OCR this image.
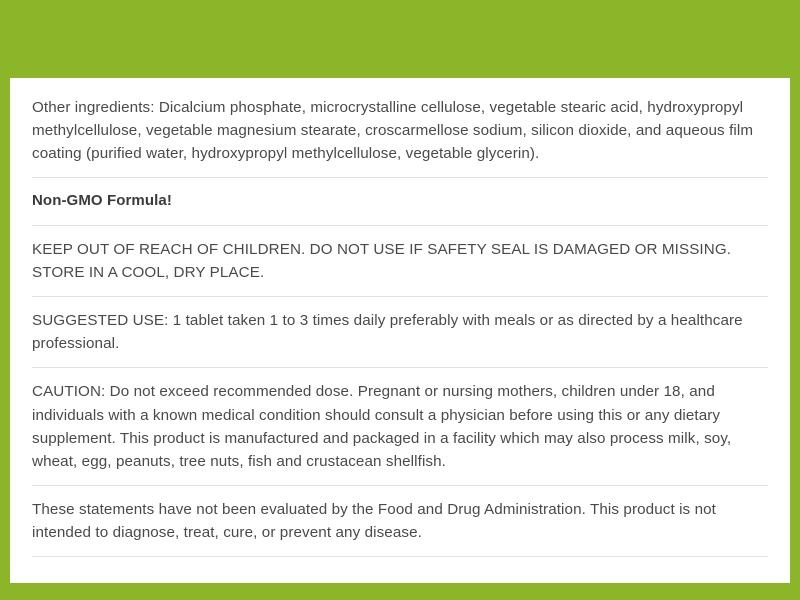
Other ingredients: Dicalcium phosphate, microcrystalline cellulose, vegetable stearic acid, hydroxypropyl methylcellulose, vegetable magnesium stearate, croscarmellose sodium, silicon dioxide, and aqueous film coating (purified water, hydroxypropyl methylcellulose, vegetable glycerin).

Non-GMO Formula!

KEEP OUT OF REACH OF CHILDREN. DO NOT USE IF SAFETY SEAL IS DAMAGED OR MISSING. STORE IN A COOL, DRY PLACE.

SUGGESTED USE: 1 tablet taken 1 to 3 times daily preferably with meals or as directed by a healthcare professional.

CAUTION: Do not exceed recommended dose. Pregnant or nursing mothers, children under 18, and individuals with a known medical condition should consult a physician before using this or any dietary supplement. This product is manufactured and packaged in a facility which may also process milk, soy, wheat, egg, peanuts, tree nuts, fish and crustacean shellfish.

These statements have not been evaluated by the Food and Drug Administration. This product is not intended to diagnose, treat, cure, or prevent any disease.
